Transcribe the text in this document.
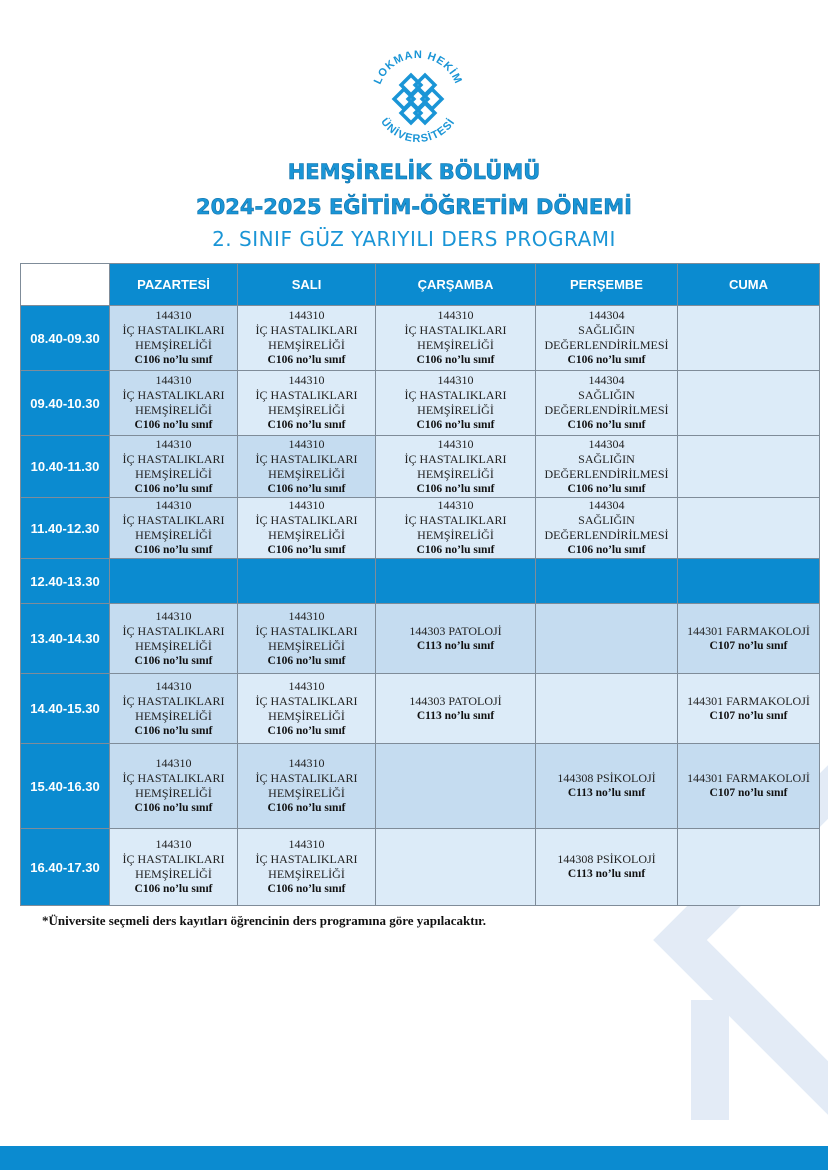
LOKMAN HEKİM
ÜNİVERSİTESİ
HEMŞİRELİK BÖLÜMÜ
2024-2025 EĞİTİM-ÖĞRETİM DÖNEMİ
2. SINIF GÜZ YARIYILI DERS PROGRAMI
	PAZARTESİ	SALI	ÇARŞAMBA	PERŞEMBE	CUMA
08.40-09.30	144310
İÇ HASTALIKLARI
HEMŞİRELİĞİ
C106 no’lu sınıf	144310
İÇ HASTALIKLARI
HEMŞİRELİĞİ
C106 no’lu sınıf	144310
İÇ HASTALIKLARI
HEMŞİRELİĞİ
C106 no’lu sınıf	144304
SAĞLIĞIN
DEĞERLENDİRİLMESİ
C106 no’lu sınıf	

09.40-10.30	144310
İÇ HASTALIKLARI
HEMŞİRELİĞİ
C106 no’lu sınıf	144310
İÇ HASTALIKLARI
HEMŞİRELİĞİ
C106 no’lu sınıf	144310
İÇ HASTALIKLARI
HEMŞİRELİĞİ
C106 no’lu sınıf	144304
SAĞLIĞIN
DEĞERLENDİRİLMESİ
C106 no’lu sınıf	

10.40-11.30	144310
İÇ HASTALIKLARI
HEMŞİRELİĞİ
C106 no’lu sınıf	144310
İÇ HASTALIKLARI
HEMŞİRELİĞİ
C106 no’lu sınıf	144310
İÇ HASTALIKLARI
HEMŞİRELİĞİ
C106 no’lu sınıf	144304
SAĞLIĞIN
DEĞERLENDİRİLMESİ
C106 no’lu sınıf	

11.40-12.30	144310
İÇ HASTALIKLARI
HEMŞİRELİĞİ
C106 no’lu sınıf	144310
İÇ HASTALIKLARI
HEMŞİRELİĞİ
C106 no’lu sınıf	144310
İÇ HASTALIKLARI
HEMŞİRELİĞİ
C106 no’lu sınıf	144304
SAĞLIĞIN
DEĞERLENDİRİLMESİ
C106 no’lu sınıf	

12.40-13.30					
13.40-14.30	144310
İÇ HASTALIKLARI
HEMŞİRELİĞİ
C106 no’lu sınıf	144310
İÇ HASTALIKLARI
HEMŞİRELİĞİ
C106 no’lu sınıf	144303 PATOLOJİ
C113 no’lu sınıf		144301 FARMAKOLOJİ
C107 no’lu sınıf

14.40-15.30	144310
İÇ HASTALIKLARI
HEMŞİRELİĞİ
C106 no’lu sınıf	144310
İÇ HASTALIKLARI
HEMŞİRELİĞİ
C106 no’lu sınıf	144303 PATOLOJİ
C113 no’lu sınıf		144301 FARMAKOLOJİ
C107 no’lu sınıf

15.40-16.30	144310
İÇ HASTALIKLARI
HEMŞİRELİĞİ
C106 no’lu sınıf	144310
İÇ HASTALIKLARI
HEMŞİRELİĞİ
C106 no’lu sınıf		144308 PSİKOLOJİ
C113 no’lu sınıf	144301 FARMAKOLOJİ
C107 no’lu sınıf

16.40-17.30	144310
İÇ HASTALIKLARI
HEMŞİRELİĞİ
C106 no’lu sınıf	144310
İÇ HASTALIKLARI
HEMŞİRELİĞİ
C106 no’lu sınıf		144308 PSİKOLOJİ
C113 no’lu sınıf	

*Üniversite seçmeli ders kayıtları öğrencinin ders programına göre yapılacaktır.
